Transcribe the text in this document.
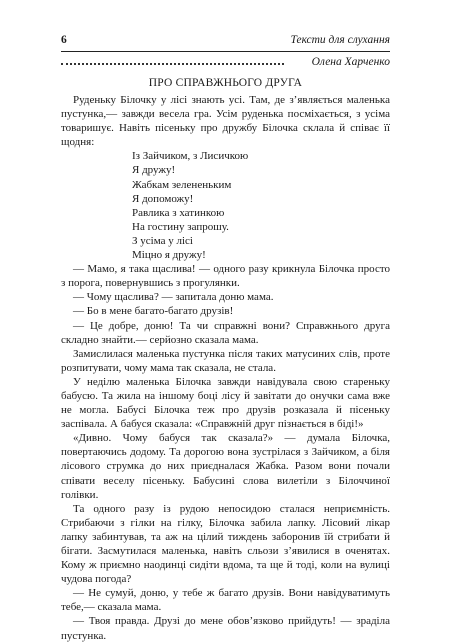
6	Тексти для слухання
Олена Харченко
ПРО СПРАВЖНЬОГО ДРУГА

Руденьку Білочку у лісі знають усі. Там, де з’являється маленька пустунка,— завжди весела гра. Усім руденька посміхається, з усіма товаришує. Навіть пісеньку про дружбу Білочка склала й співає її щодня:

Із Зайчиком, з Лисичкою
Я дружу!
Жабкам зелененьким
Я допоможу!
Равлика з хатинкою
На гостину запрошу.
З усіма у лісі
Міцно я дружу!

— Мамо, я така щаслива! — одного разу крикнула Білочка просто з порога, повернувшись з прогулянки.

— Чому щаслива? — запитала доню мама.

— Бо в мене багато-багато друзів!

— Це добре, доню! Та чи справжні вони? Справжнього друга складно знайти.— серйозно сказала мама.

Замислилася маленька пустунка після таких матусиних слів, проте розпитувати, чому мама так сказала, не стала.

У неділю маленька Білочка завжди навідувала свою стареньку бабусю. Та жила на іншому боці лісу й завітати до онучки сама вже не могла. Бабусі Білочка теж про друзів розказала й пісеньку заспівала. А бабуся сказала: «Справжній друг пізнається в біді!»

«Дивно. Чому бабуся так сказала?» — думала Білочка, повертаючись додому. Та дорогою вона зустрілася з Зайчиком, а біля лісового струмка до них приєдналася Жабка. Разом вони почали співати веселу пісеньку. Бабусині слова вилетіли з Білоччиної голівки.

Та одного разу із рудою непосидою сталася неприємність. Стрибаючи з гілки на гілку, Білочка забила лапку. Лісовий лікар лапку забинтував, та аж на цілий тиждень заборонив їй стрибати й бігати. Засмутилася маленька, навіть сльози з’явилися в оченятах. Кому ж приємно наодинці сидіти вдома, та ще й тоді, коли на вулиці чудова погода?

— Не сумуй, доню, у тебе ж багато друзів. Вони навідуватимуть тебе,— сказала мама.

— Твоя правда. Друзі до мене обов’язково прийдуть! — зраділа пустунка.
